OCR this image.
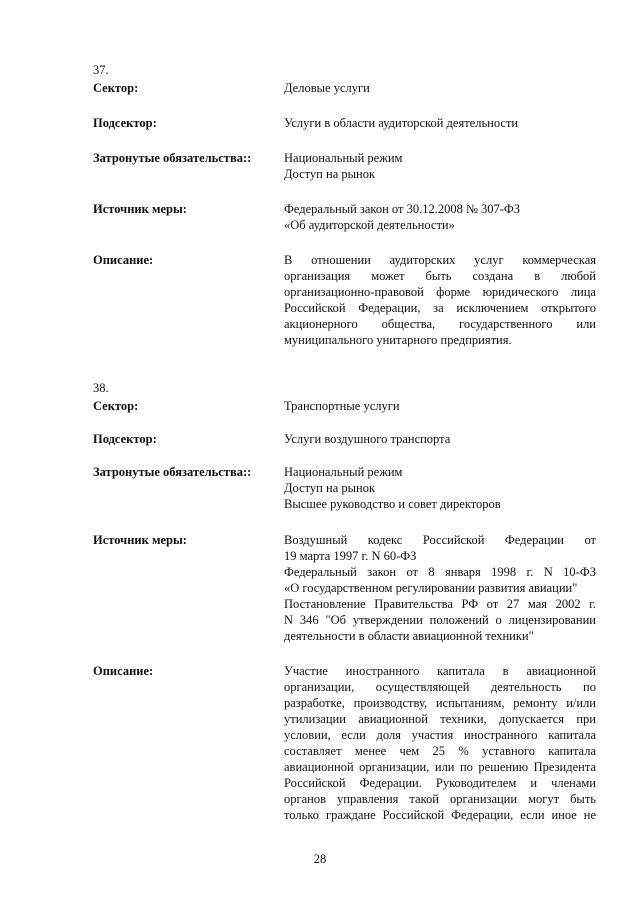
37.
Сектор:	Деловые услуги
Подсектор:	Услуги в области аудиторской деятельности
Затронутые обязательства::	Национальный режим
Доступ на рынок
Источник меры:	Федеральный закон от 30.12.2008 № 307-ФЗ
«Об аудиторской деятельности»
Описание:	В отношении аудиторских услуг коммерческая
организация может быть создана в любой
организационно-правовой форме юридического лица
Российской Федерации, за исключением открытого
акционерного общества, государственного или
муниципального унитарного предприятия.
38.
Сектор:	Транспортные услуги
Подсектор:	Услуги воздушного транспорта
Затронутые обязательства::	Национальный режим
Доступ на рынок
Высшее руководство и совет директоров
Источник меры:	Воздушный кодекс Российской Федерации от
19 марта 1997 г. N 60-ФЗ
Федеральный закон от 8 января 1998 г. N 10-ФЗ
«О государственном регулировании развития авиации"
Постановление Правительства РФ от 27 мая 2002 г.
N 346 "Об утверждении положений о лицензировании
деятельности в области авиационной техники"
Описание:	Участие иностранного капитала в авиационной
организации, осуществляющей деятельность по
разработке, производству, испытаниям, ремонту и/или
утилизации авиационной техники, допускается при
условии, если доля участия иностранного капитала
составляет менее чем 25 % уставного капитала
авиационной организации, или по решению Президента
Российской Федерации. Руководителем и членами
органов управления такой организации могут быть
только граждане Российской Федерации, если иное не
28
